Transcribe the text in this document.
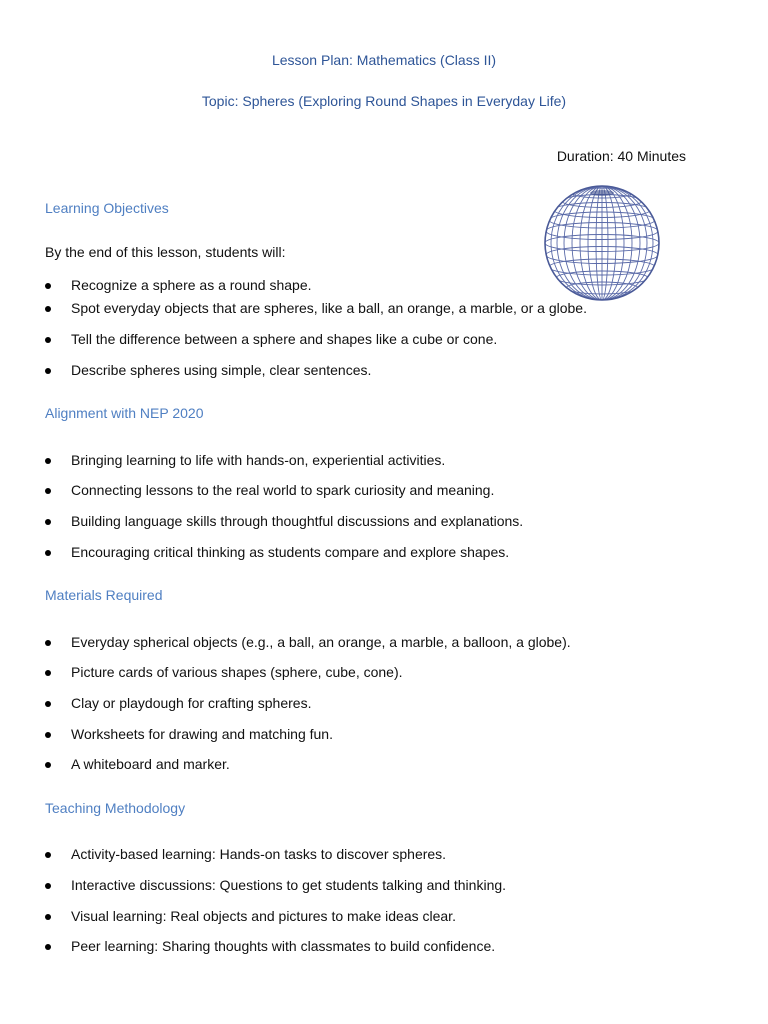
Lesson Plan: Mathematics (Class II)
Topic: Spheres (Exploring Round Shapes in Everyday Life)
Duration: 40 Minutes
Learning Objectives
By the end of this lesson, students will:
Recognize a sphere as a round shape.
Spot everyday objects that are spheres, like a ball, an orange, a marble, or a globe.
Tell the difference between a sphere and shapes like a cube or cone.
Describe spheres using simple, clear sentences.
Alignment with NEP 2020
Bringing learning to life with hands-on, experiential activities.
Connecting lessons to the real world to spark curiosity and meaning.
Building language skills through thoughtful discussions and explanations.
Encouraging critical thinking as students compare and explore shapes.
Materials Required
Everyday spherical objects (e.g., a ball, an orange, a marble, a balloon, a globe).
Picture cards of various shapes (sphere, cube, cone).
Clay or playdough for crafting spheres.
Worksheets for drawing and matching fun.
A whiteboard and marker.
Teaching Methodology
Activity-based learning: Hands-on tasks to discover spheres.
Interactive discussions: Questions to get students talking and thinking.
Visual learning: Real objects and pictures to make ideas clear.
Peer learning: Sharing thoughts with classmates to build confidence.
